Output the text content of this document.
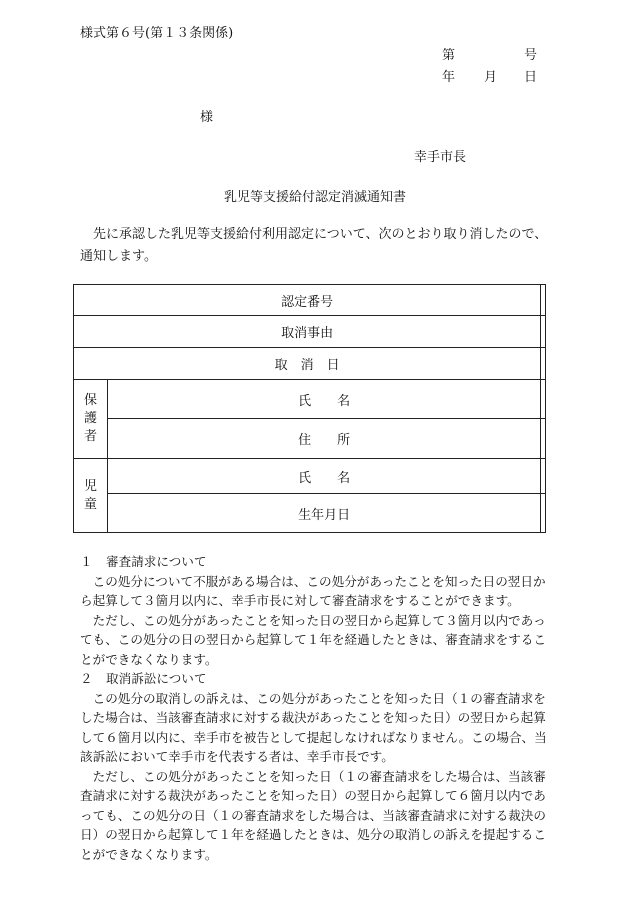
様式第６号(第１３条関係)
第	号
年 月 日
様
幸手市長
乳児等支援給付認定消滅通知書
先に承認した乳児等支援給付利用認定について、次のとおり取り消したので、通知します。
認定番号		
取消事由		
取　消　日		

保
護
者	氏　　名	
	住　　所	

児
童	氏　　名	
	生年月日	

１ 審査請求について

この処分について不服がある場合は、この処分があったことを知った日の翌日から起算して３箇月以内に、幸手市長に対して審査請求をすることができます。

ただし、この処分があったことを知った日の翌日から起算して３箇月以内であっても、この処分の日の翌日から起算して１年を経過したときは、審査請求をすることができなくなります。

２ 取消訴訟について

この処分の取消しの訴えは、この処分があったことを知った日（１の審査請求をした場合は、当該審査請求に対する裁決があったことを知った日）の翌日から起算して６箇月以内に、幸手市を被告として提起しなければなりません。この場合、当該訴訟において幸手市を代表する者は、幸手市長です。

ただし、この処分があったことを知った日（１の審査請求をした場合は、当該審査請求に対する裁決があったことを知った日）の翌日から起算して６箇月以内であっても、この処分の日（１の審査請求をした場合は、当該審査請求に対する裁決の日）の翌日から起算して１年を経過したときは、処分の取消しの訴えを提起することができなくなります。
